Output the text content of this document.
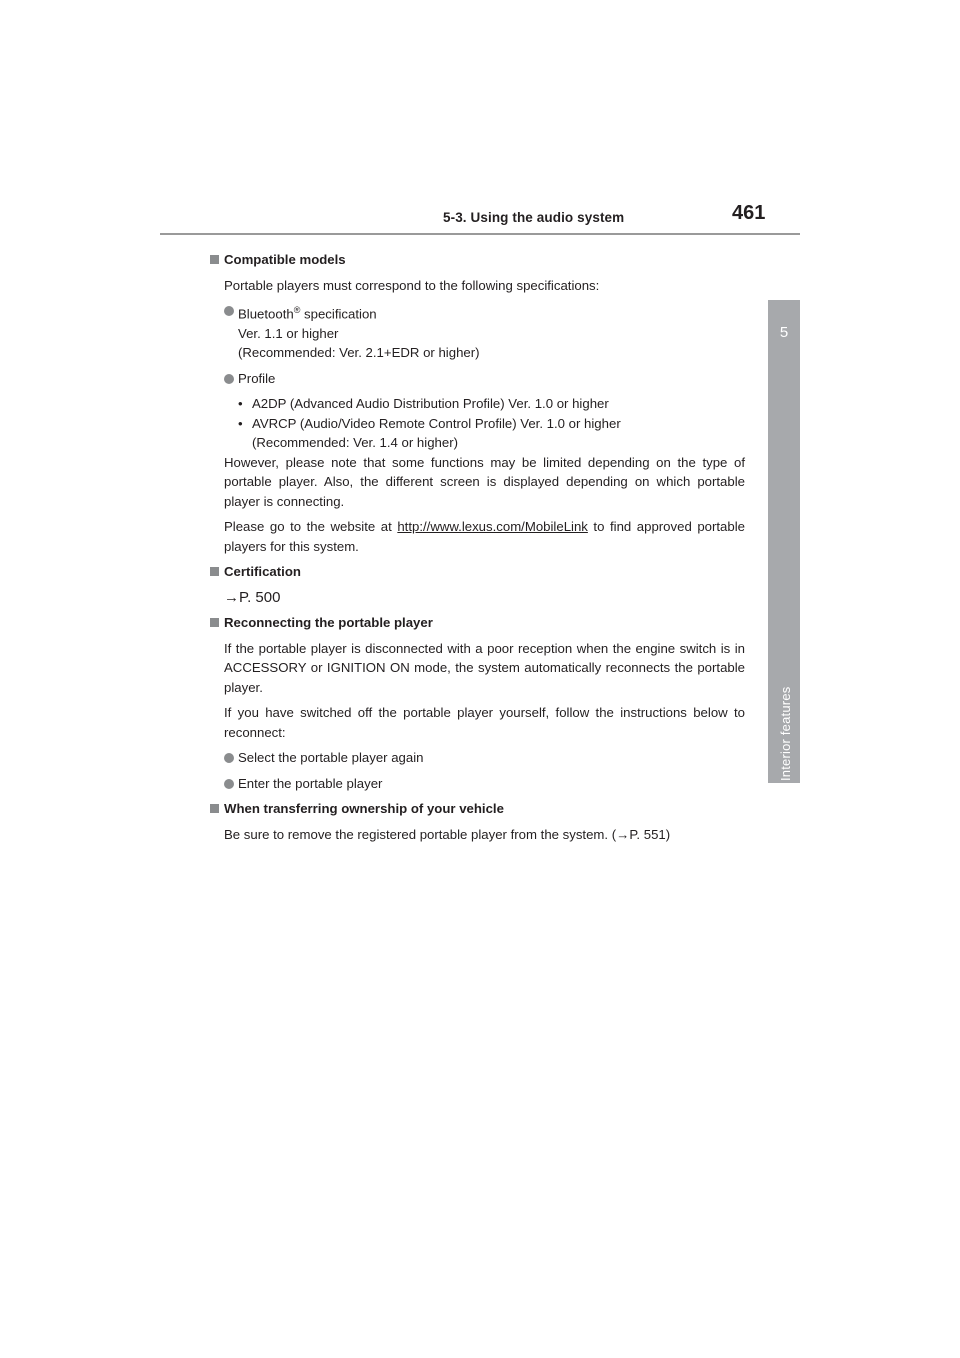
5-3. Using the audio system	461
5
Interior features
Compatible models
Portable players must correspond to the following specifications:
Bluetooth® specification
Ver. 1.1 or higher
(Recommended: Ver. 2.1+EDR or higher)
Profile
• A2DP (Advanced Audio Distribution Profile) Ver. 1.0 or higher
• AVRCP (Audio/Video Remote Control Profile) Ver. 1.0 or higher
(Recommended: Ver. 1.4 or higher)
However, please note that some functions may be limited depending on the type of portable player. Also, the different screen is displayed depending on which portable player is connecting.
Please go to the website at http://www.lexus.com/MobileLink to find approved portable players for this system.
Certification
→P. 500
Reconnecting the portable player
If the portable player is disconnected with a poor reception when the engine switch is in ACCESSORY or IGNITION ON mode, the system automatically reconnects the portable player.
If you have switched off the portable player yourself, follow the instructions below to reconnect:
Select the portable player again
Enter the portable player
When transferring ownership of your vehicle
Be sure to remove the registered portable player from the system. (→P. 551)
